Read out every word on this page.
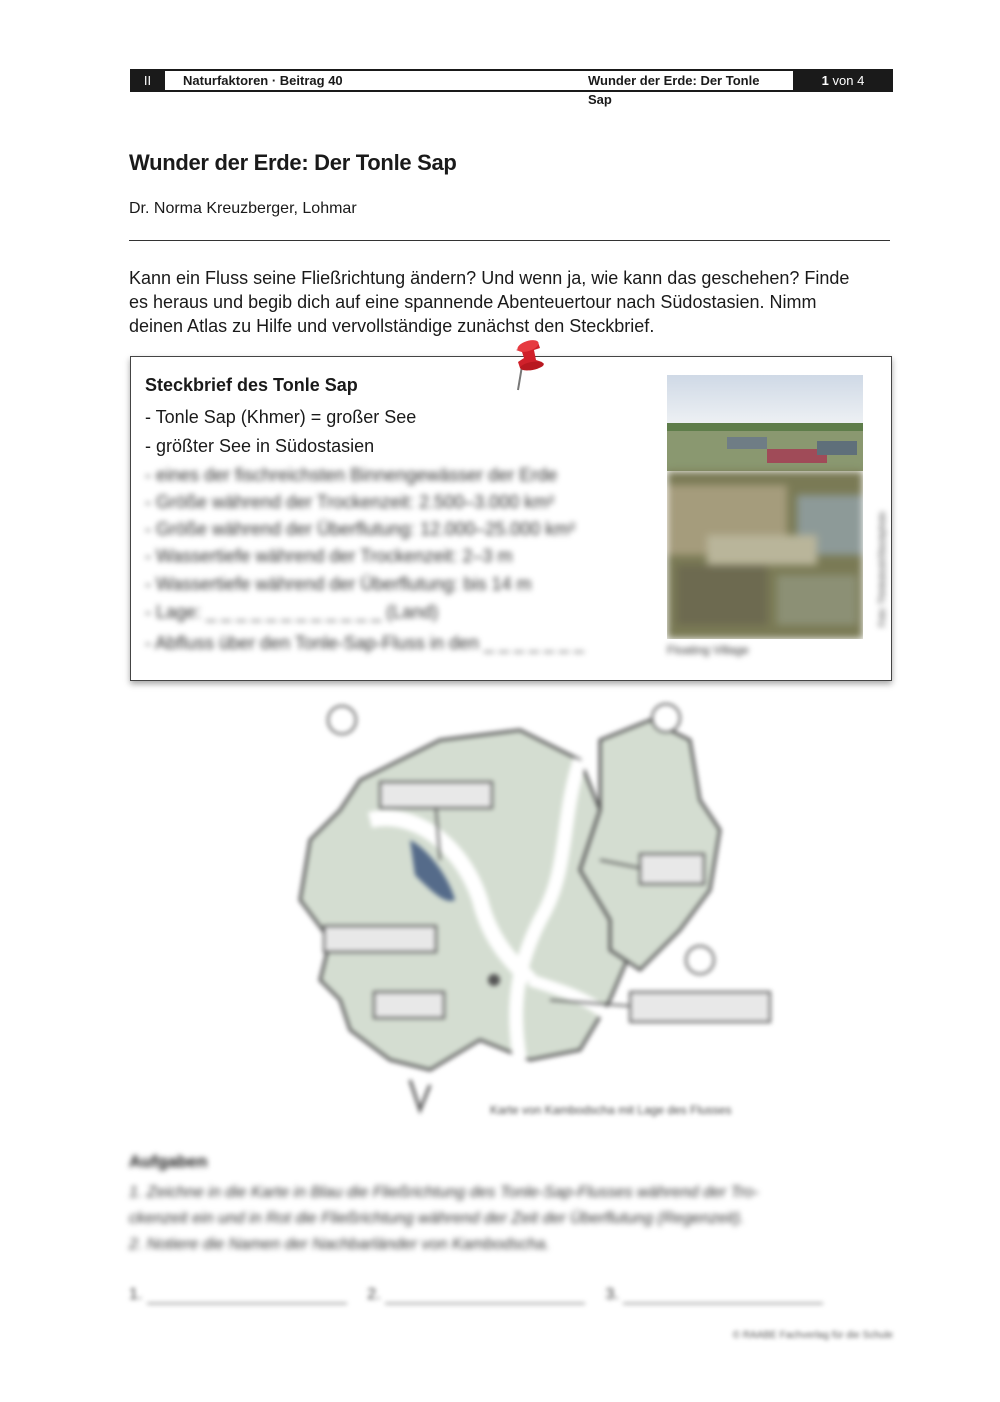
II	Naturfaktoren · Beitrag 40	Wunder der Erde: Der Tonle Sap
1 von 4
Wunder der Erde: Der Tonle Sap
Dr. Norma Kreuzberger, Lohmar
Kann ein Fluss seine Fließrichtung ändern? Und wenn ja, wie kann das geschehen? Finde
es heraus und begib dich auf eine spannende Abenteuertour nach Südostasien. Nimm
deinen Atlas zu Hilfe und vervollständige zunächst den Steckbrief.
Steckbrief des Tonle Sap
- Tonle Sap (Khmer) = großer See
- größter See in Südostasien
- eines der fischreichsten Binnengewässer der Erde
- Größe während der Trockenzeit: 2.500–3.000 km²
- Größe während der Überflutung: 12.000–25.000 km²
- Wassertiefe während der Trockenzeit: 2–3 m
- Wassertiefe während der Überflutung: bis 14 m
- Lage: _ _ _ _ _ _ _ _ _ _ _ _ (Land)
- Abfluss über den Tonle-Sap-Fluss in den _ _ _ _ _ _ _	Floating Village
Foto: Thinkstock/iStockphoto
Karte von Kambodscha mit Lage des Flusses
Aufgaben
1. Zeichne in die Karte in Blau die Fließrichtung des Tonle-Sap-Flusses während der Tro-
ckenzeit ein und in Rot die Fließrichtung während der Zeit der Überflutung (Regenzeit).
2. Notiere die Namen der Nachbarländer von Kambodscha.
1.	2.	3.
© RAABE Fachverlag für die Schule
